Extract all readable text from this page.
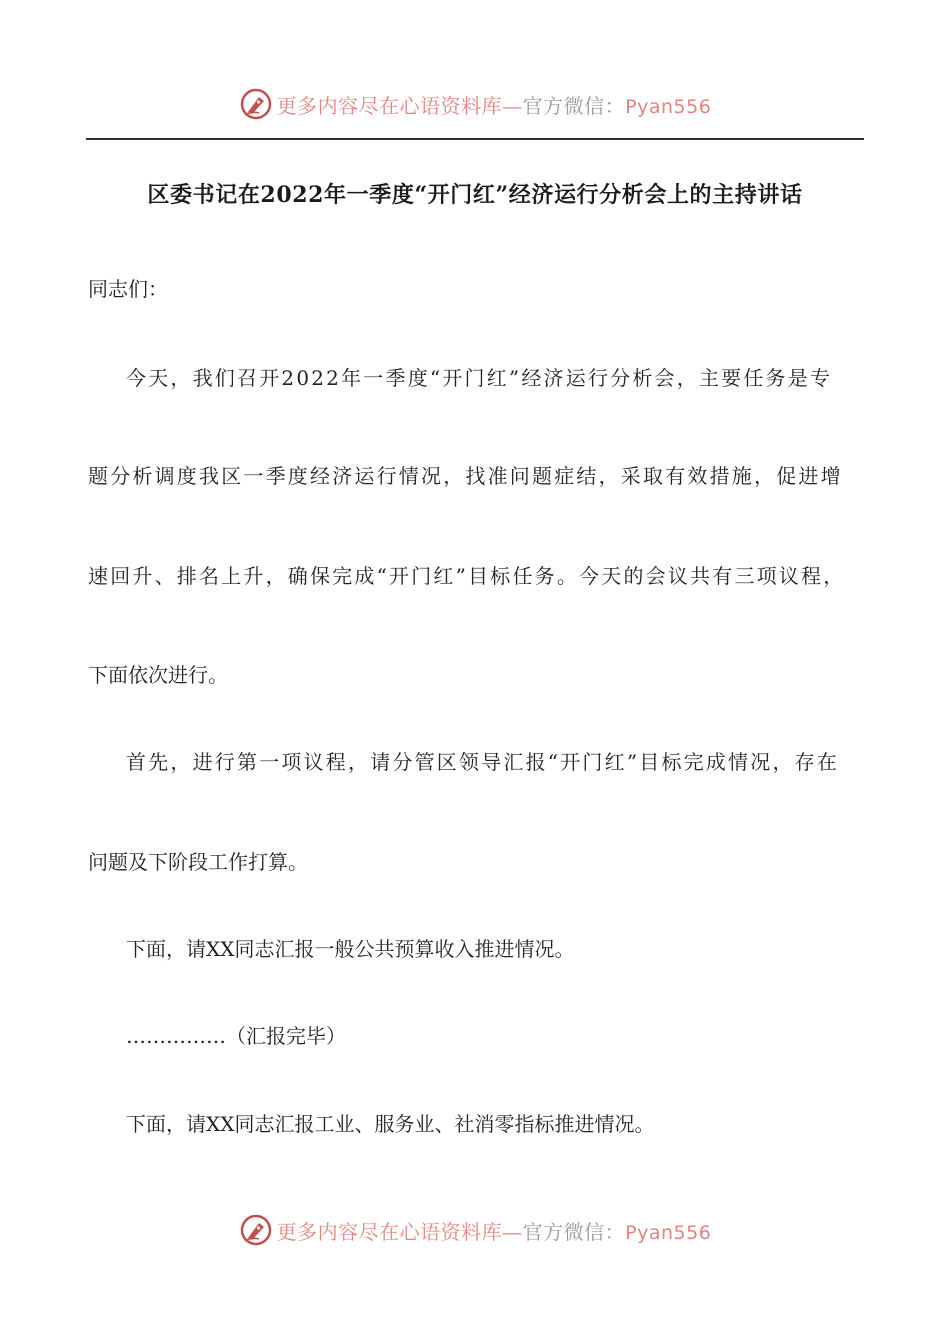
更多内容尽在心语资料库—官方微信：Pyan556
区委书记在2022年一季度“开门红”经济运行分析会上的主持讲话
同志们：
今天，我们召开2022年一季度“开门红”经济运行分析会，主要任务是专
题分析调度我区一季度经济运行情况，找准问题症结，采取有效措施，促进增
速回升、排名上升，确保完成“开门红”目标任务。今天的会议共有三项议程，
下面依次进行。
首先，进行第一项议程，请分管区领导汇报“开门红”目标完成情况，存在
问题及下阶段工作打算。
下面，请XX同志汇报一般公共预算收入推进情况。
……………（汇报完毕）
下面，请XX同志汇报工业、服务业、社消零指标推进情况。
更多内容尽在心语资料库—官方微信：Pyan556
